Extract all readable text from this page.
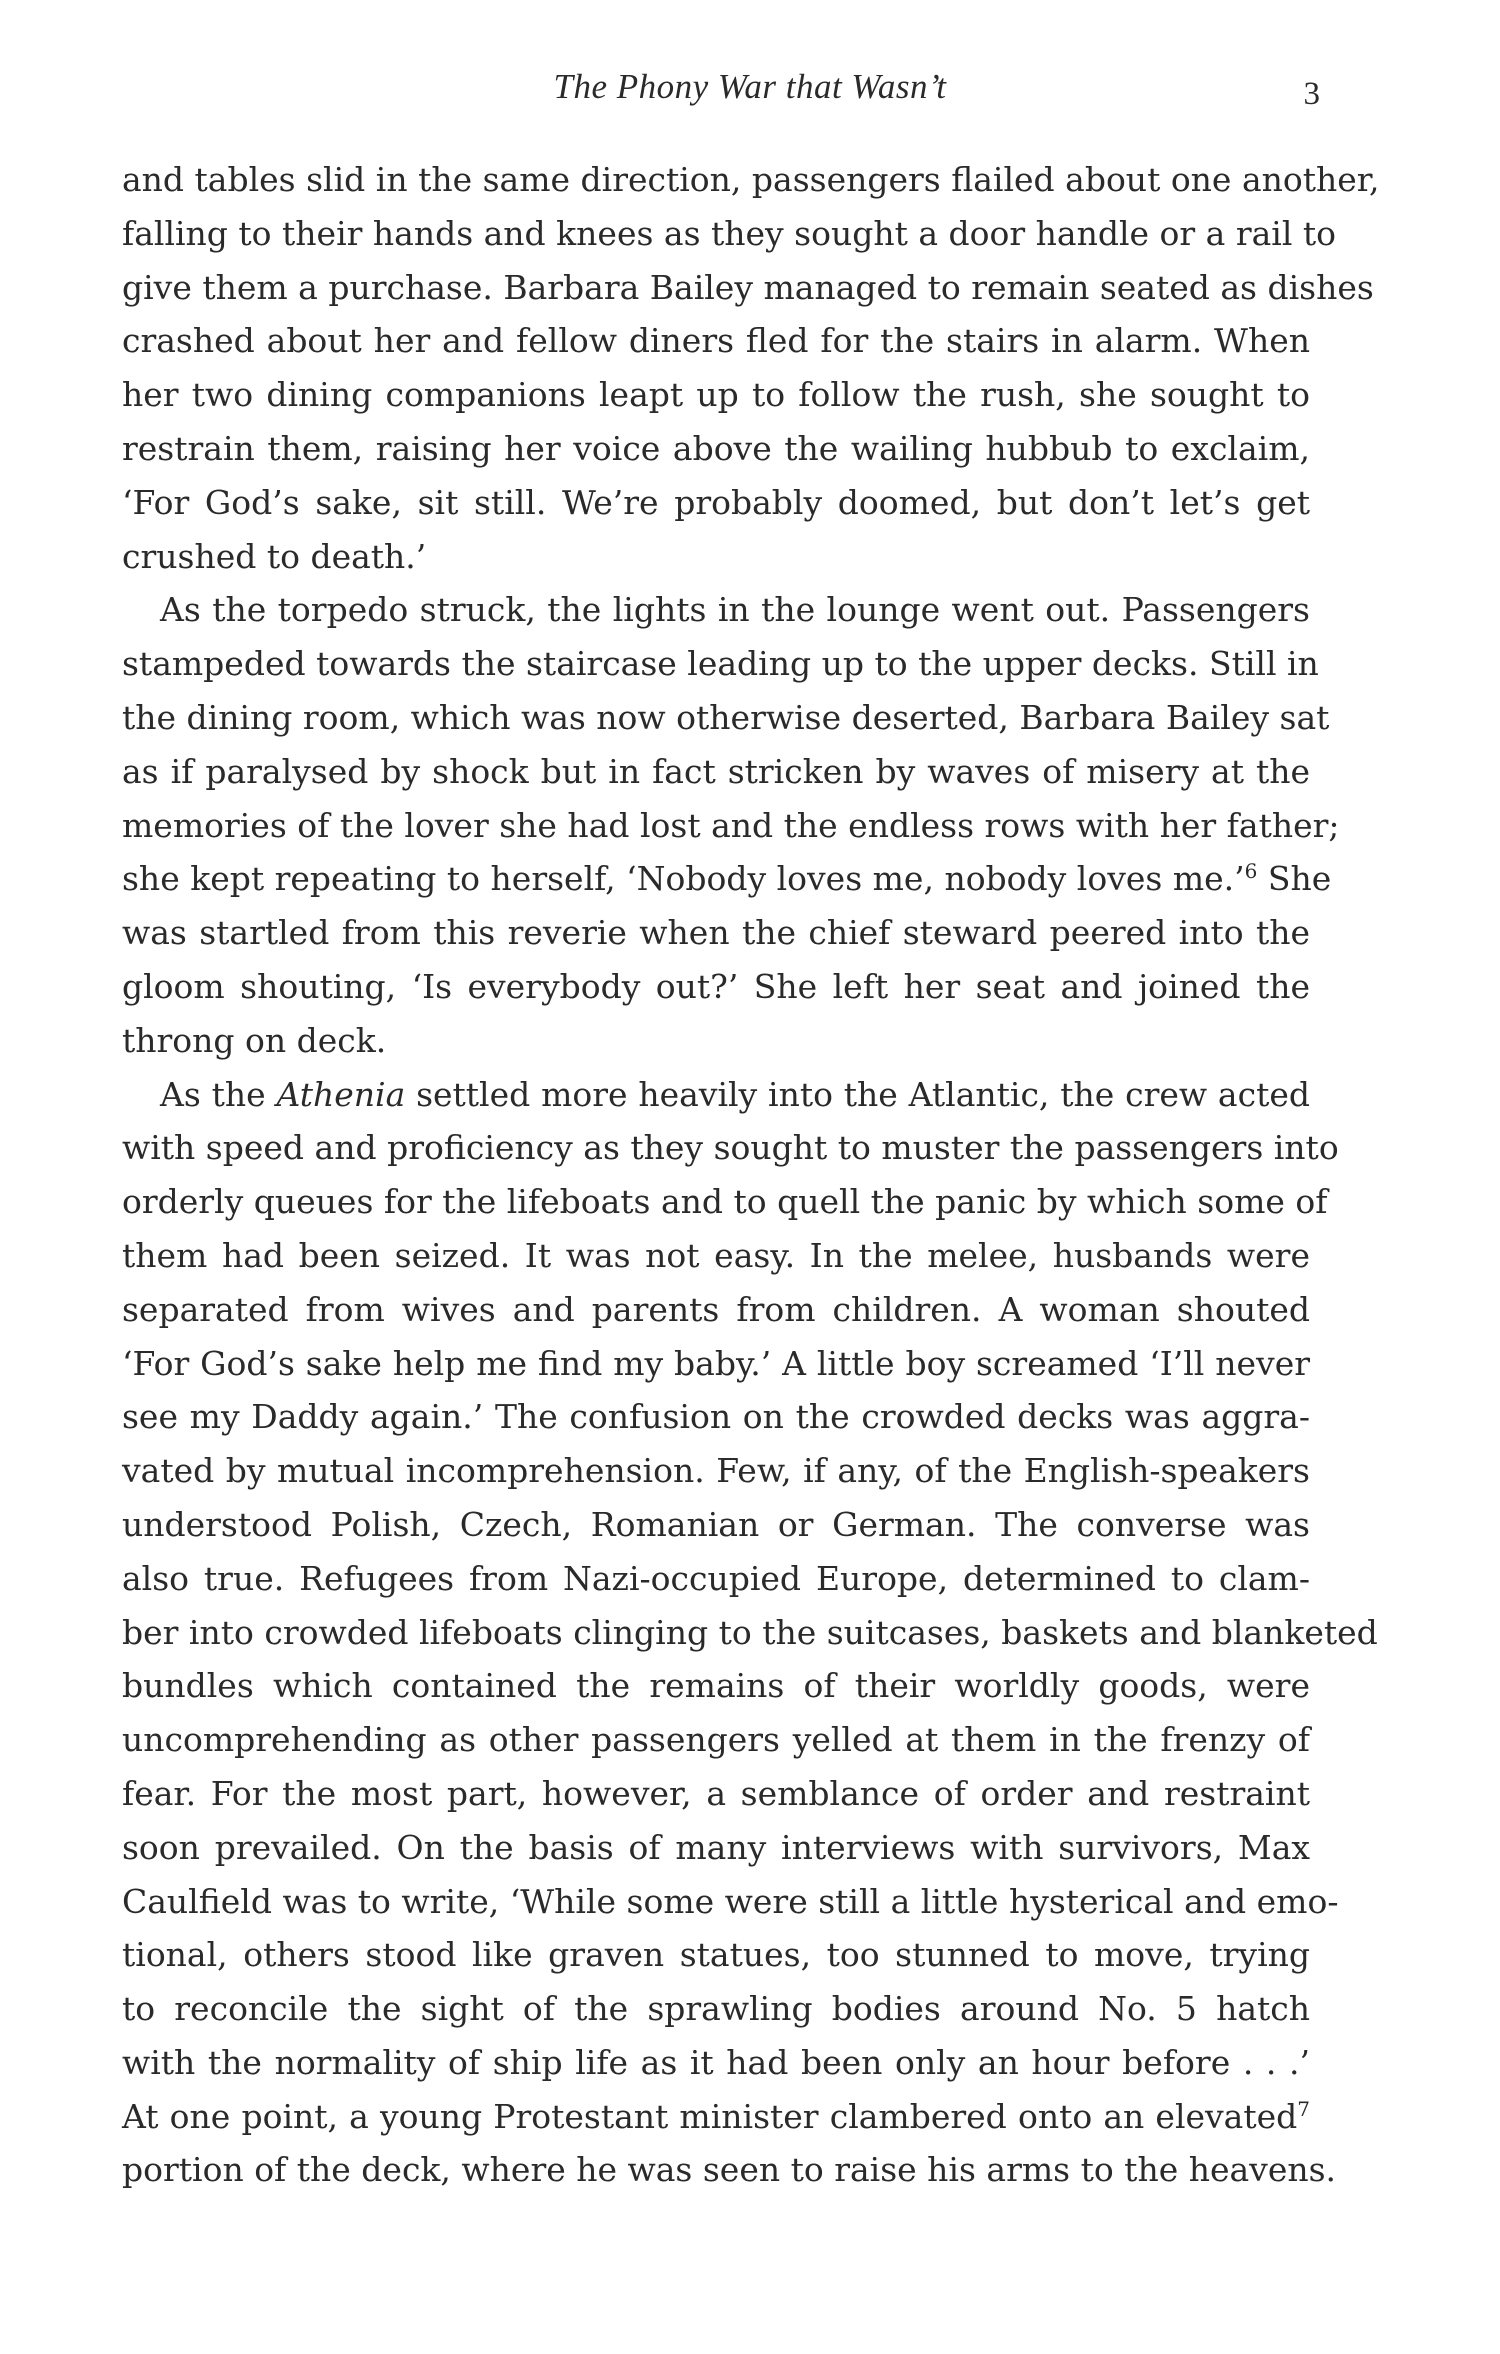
The Phony War that Wasn’t	3

and tables slid in the same direction, passengers flailed about one another,
falling to their hands and knees as they sought a door handle or a rail to
give them a purchase. Barbara Bailey managed to remain seated as dishes
crashed about her and fellow diners fled for the stairs in alarm. When
her two dining companions leapt up to follow the rush, she sought to
restrain them, raising her voice above the wailing hubbub to exclaim,
‘For God’s sake, sit still. We’re probably doomed, but don’t let’s get
crushed to death.’

As the torpedo struck, the lights in the lounge went out. Passengers
stampeded towards the staircase leading up to the upper decks. Still in
the dining room, which was now otherwise deserted, Barbara Bailey sat
as if paralysed by shock but in fact stricken by waves of misery at the
memories of the lover she had lost and the endless rows with her father;
she kept repeating to herself, ‘Nobody loves me, nobody loves me.’$^6$ She
was startled from this reverie when the chief steward peered into the
gloom shouting, ‘Is everybody out?’ She left her seat and joined the
throng on deck.

As the Athenia settled more heavily into the Atlantic, the crew acted
with speed and proficiency as they sought to muster the passengers into
orderly queues for the lifeboats and to quell the panic by which some of
them had been seized. It was not easy. In the melee, husbands were
separated from wives and parents from children. A woman shouted
‘For God’s sake help me find my baby.’ A little boy screamed ‘I’ll never
see my Daddy again.’ The confusion on the crowded decks was aggra-
vated by mutual incomprehension. Few, if any, of the English-speakers
understood Polish, Czech, Romanian or German. The converse was
also true. Refugees from Nazi-occupied Europe, determined to clam-
ber into crowded lifeboats clinging to the suitcases, baskets and blanketed
bundles which contained the remains of their worldly goods, were
uncomprehending as other passengers yelled at them in the frenzy of
fear. For the most part, however, a semblance of order and restraint
soon prevailed. On the basis of many interviews with survivors, Max
Caulfield was to write, ‘While some were still a little hysterical and emo-
tional, others stood like graven statues, too stunned to move, trying
to reconcile the sight of the sprawling bodies around No. 5 hatch
with the normality of ship life as it had been only an hour before . . .’
At one point, a young Protestant minister clambered onto an elevated$^7$
portion of the deck, where he was seen to raise his arms to the heavens.
